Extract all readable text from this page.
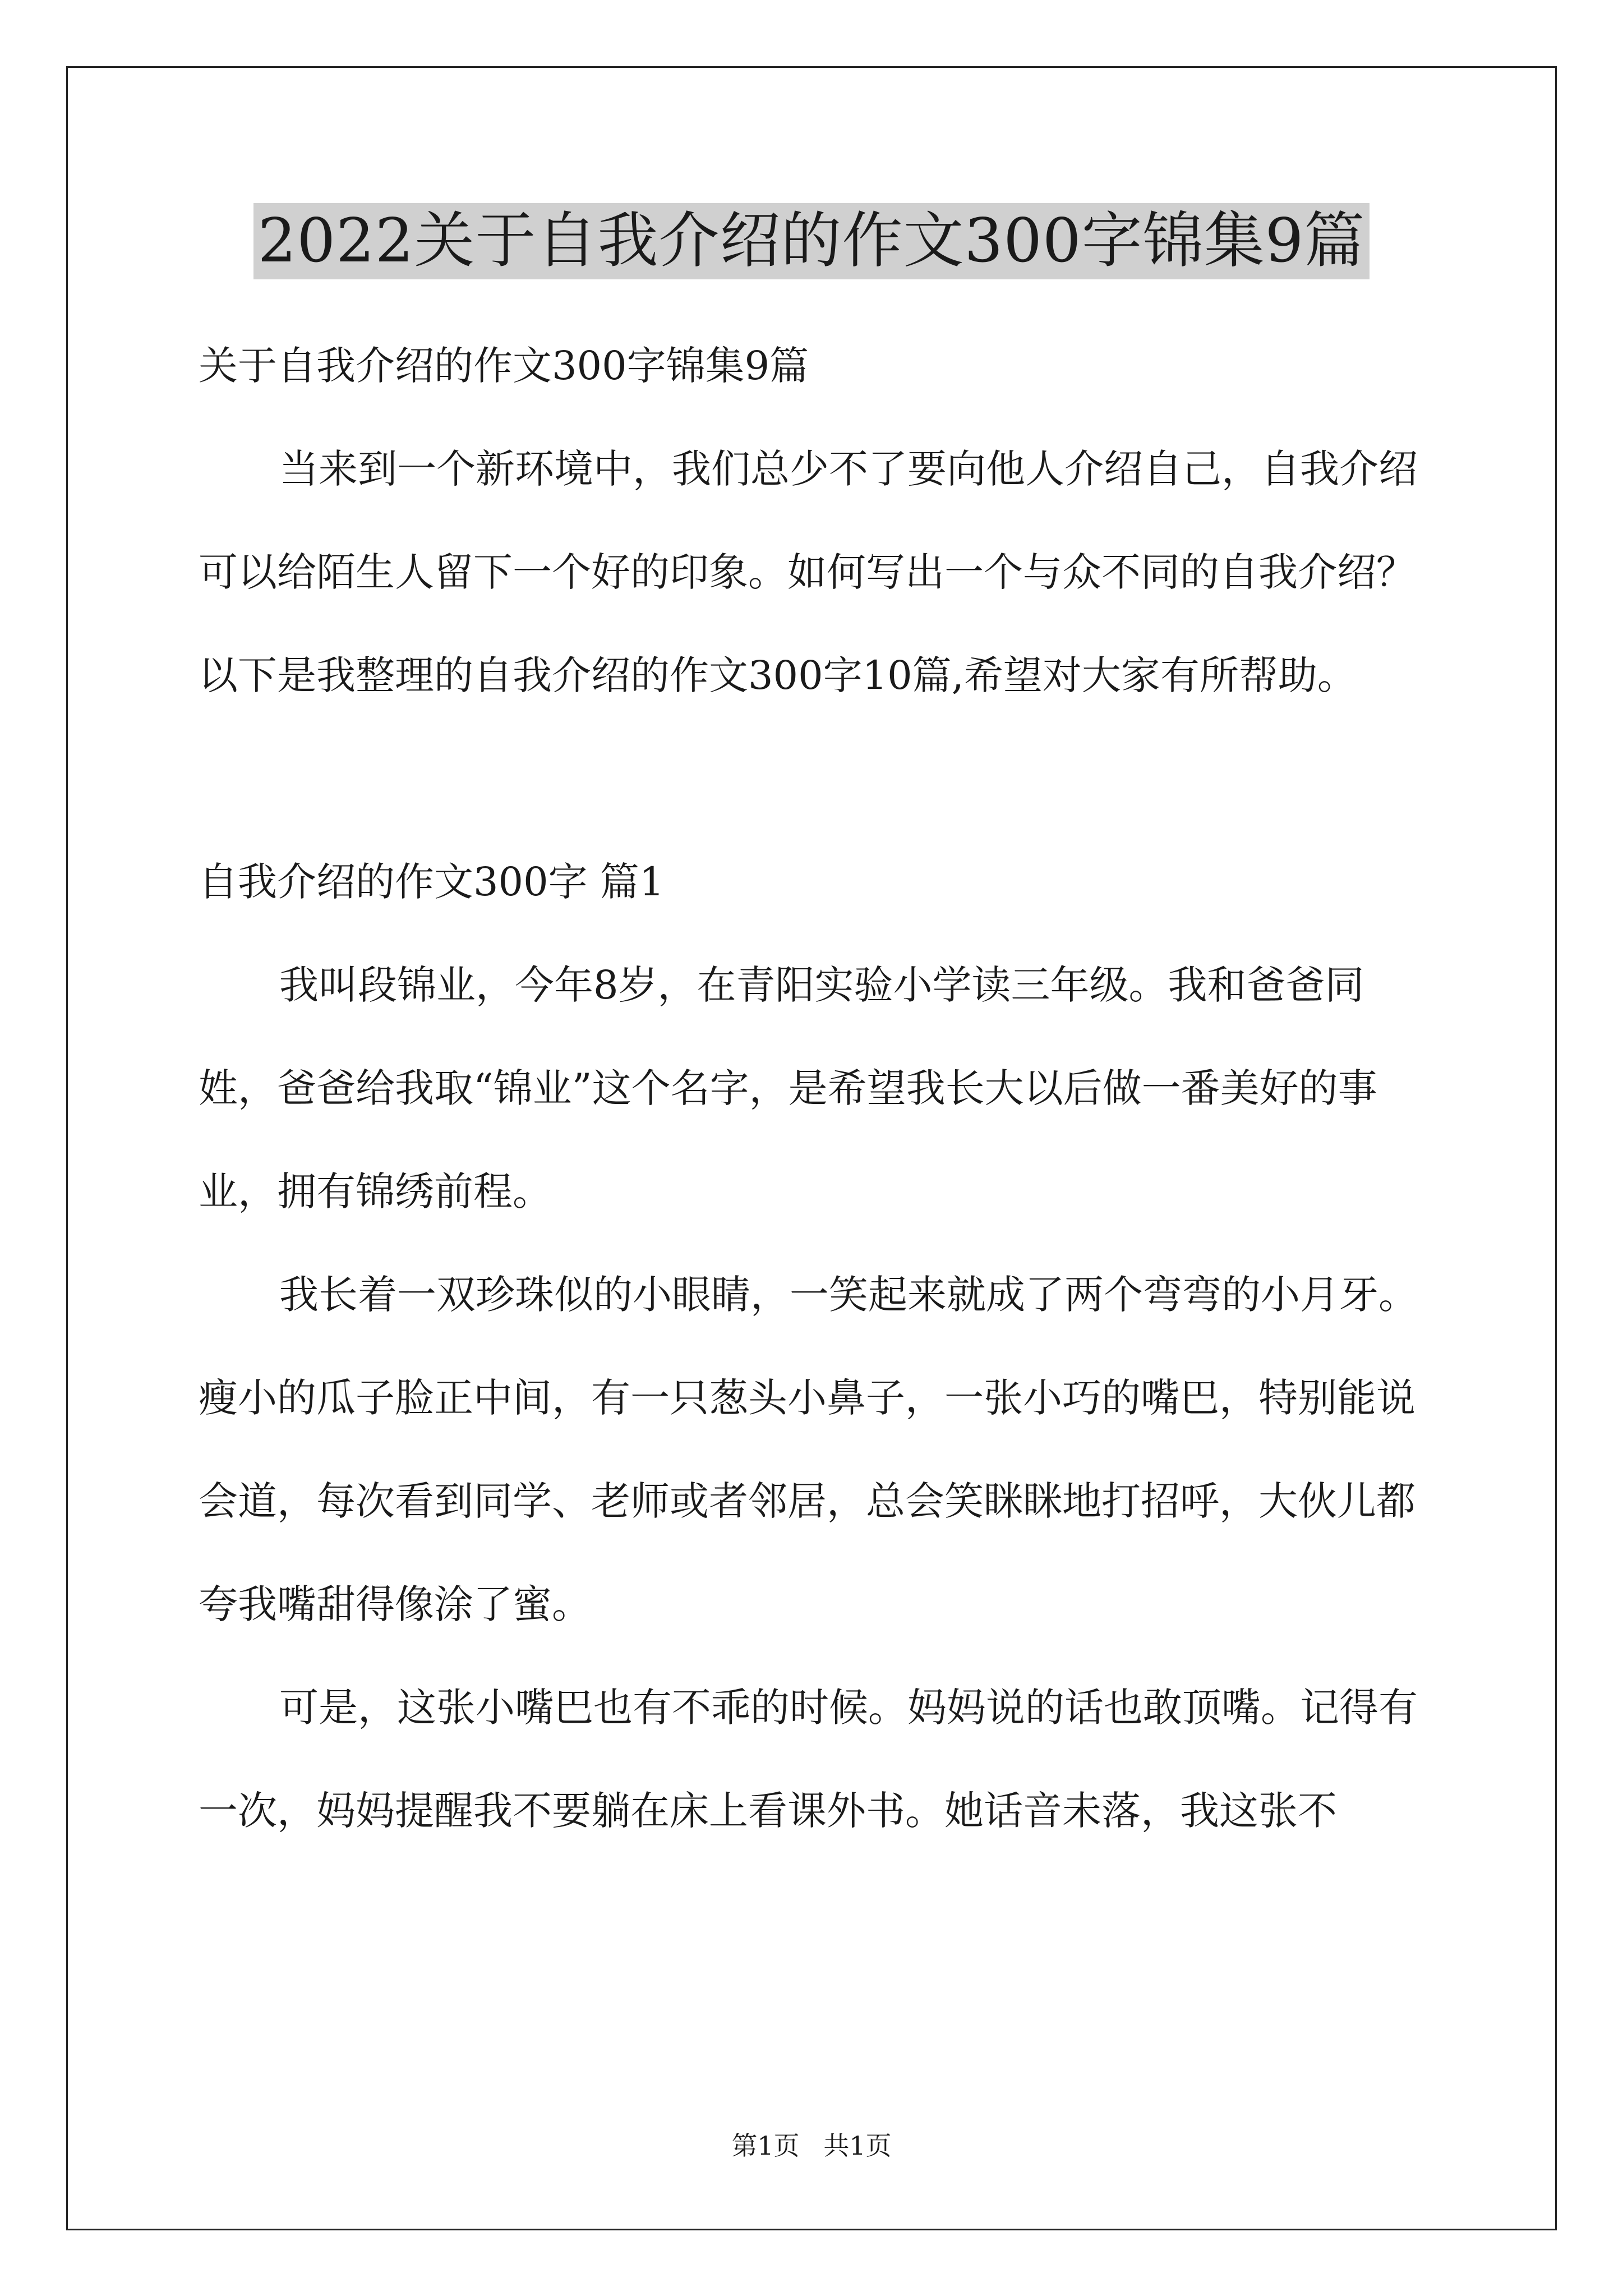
2022关于自我介绍的作文300字锦集9篇

关于自我介绍的作文300字锦集9篇

当来到一个新环境中，我们总少不了要向他人介绍自己，自我介绍可以给陌生人留下一个好的印象。如何写出一个与众不同的自我介绍？以下是我整理的自我介绍的作文300字10篇,希望对大家有所帮助。

自我介绍的作文300字 篇1

我叫段锦业，今年8岁，在青阳实验小学读三年级。我和爸爸同姓，爸爸给我取“锦业”这个名字，是希望我长大以后做一番美好的事业，拥有锦绣前程。

我长着一双珍珠似的小眼睛，一笑起来就成了两个弯弯的小月牙。瘦小的瓜子脸正中间，有一只葱头小鼻子，一张小巧的嘴巴，特别能说会道，每次看到同学、老师或者邻居，总会笑眯眯地打招呼，大伙儿都夸我嘴甜得像涂了蜜。

可是，这张小嘴巴也有不乖的时候。妈妈说的话也敢顶嘴。记得有一次，妈妈提醒我不要躺在床上看课外书。她话音未落，我这张不

第1页 共1页
